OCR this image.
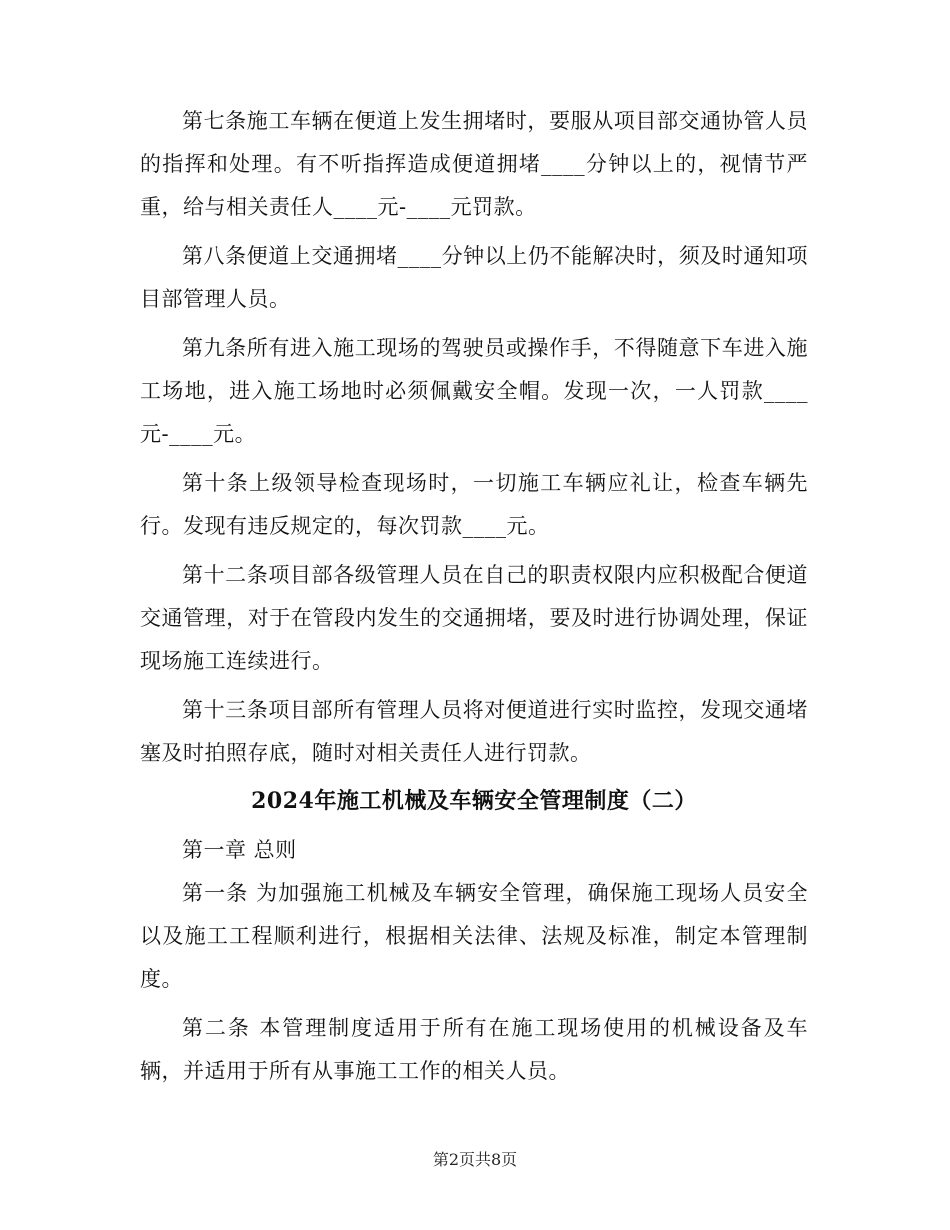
第七条施工车辆在便道上发生拥堵时，要服从项目部交通协管人员的指挥和处理。有不听指挥造成便道拥堵____分钟以上的，视情节严重，给与相关责任人____元-____元罚款。

第八条便道上交通拥堵____分钟以上仍不能解决时，须及时通知项目部管理人员。

第九条所有进入施工现场的驾驶员或操作手，不得随意下车进入施工场地，进入施工场地时必须佩戴安全帽。发现一次，一人罚款____元-____元。

第十条上级领导检查现场时，一切施工车辆应礼让，检查车辆先行。发现有违反规定的，每次罚款____元。

第十二条项目部各级管理人员在自己的职责权限内应积极配合便道交通管理，对于在管段内发生的交通拥堵，要及时进行协调处理，保证现场施工连续进行。

第十三条项目部所有管理人员将对便道进行实时监控，发现交通堵塞及时拍照存底，随时对相关责任人进行罚款。

2024年施工机械及车辆安全管理制度（二）

第一章 总则

第一条 为加强施工机械及车辆安全管理，确保施工现场人员安全以及施工工程顺利进行，根据相关法律、法规及标准，制定本管理制度。

第二条 本管理制度适用于所有在施工现场使用的机械设备及车辆，并适用于所有从事施工工作的相关人员。

第2页共8页
